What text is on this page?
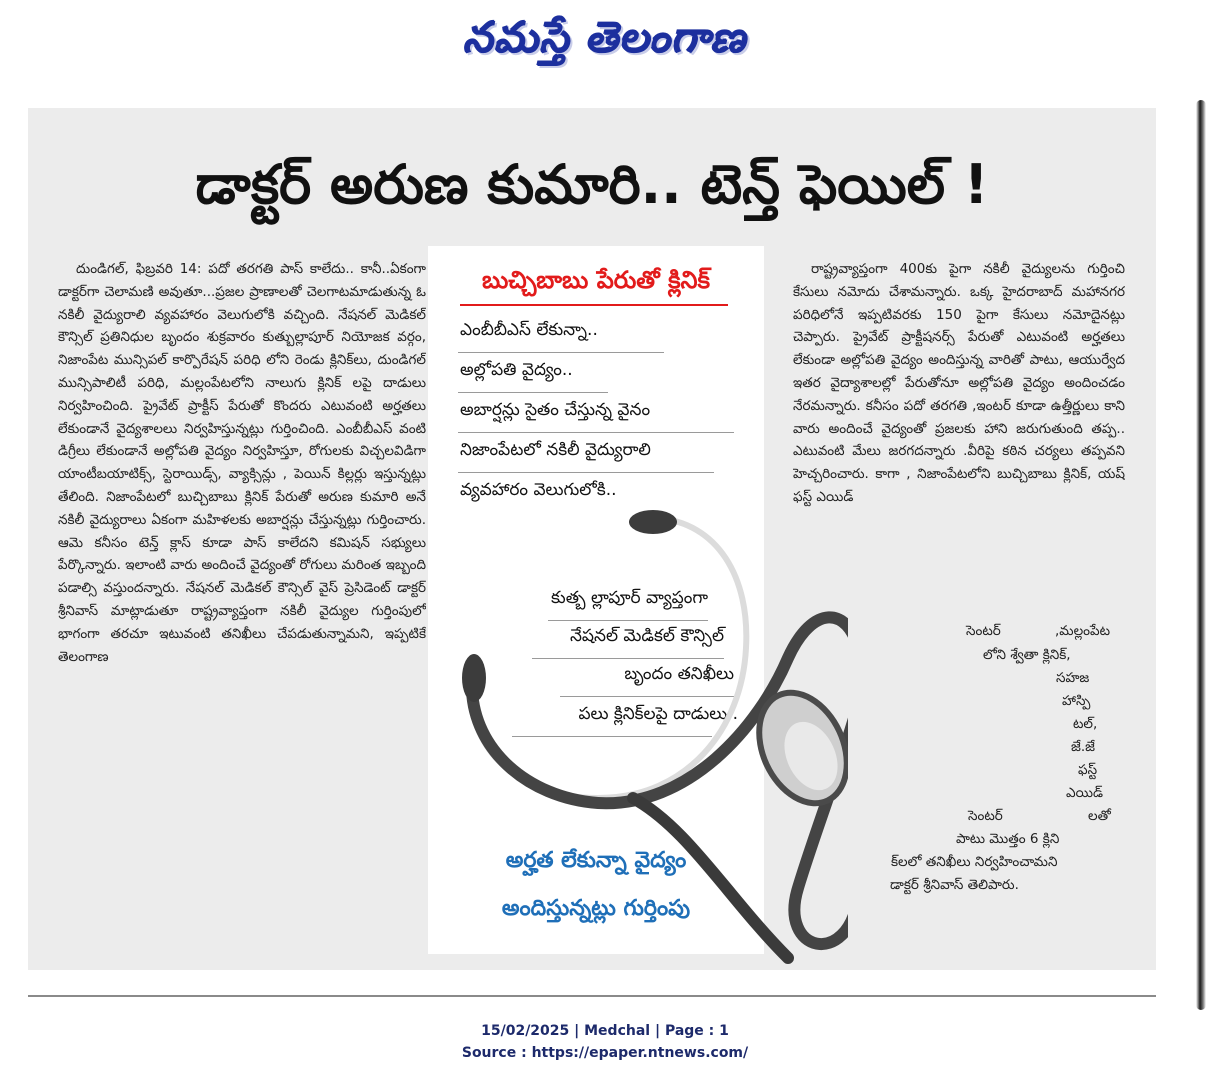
నమస్తే తెలంగాణ
డాక్టర్ అరుణ కుమారి.. టెన్త్ ఫెయిల్ !
దుండిగల్, ఫిబ్రవరి 14: పదో తరగతి పాస్ కాలేదు.. కానీ..ఏకంగా డాక్టర్‌గా చెలామణి అవుతూ...ప్రజల ప్రాణాలతో చెలగాటమాడుతున్న ఓ నకిలీ వైద్యురాలి వ్యవహారం వెలుగులోకి వచ్చింది. నేషనల్ మెడికల్ కౌన్సిల్ ప్రతినిధుల బృందం శుక్రవారం కుత్బుల్లాపూర్ నియోజక వర్గం, నిజాంపేట మున్సిపల్ కార్పొరేషన్ పరిధి లోని రెండు క్లినిక్‌లు, దుండిగల్ మున్సిపాలిటీ పరిధి, మల్లంపేటలోని నాలుగు క్లినిక్ లపై దాడులు నిర్వహించింది. ప్రైవేట్ ప్రాక్టీస్ పేరుతో కొందరు ఎటువంటి అర్హతలు లేకుండానే వైద్యశాలలు నిర్వహిస్తున్నట్లు గుర్తించింది. ఎంబీబీఎస్ వంటి డిగ్రీలు లేకుండానే అల్లోపతి వైద్యం నిర్వహిస్తూ, రోగులకు విచ్చలవిడిగా యాంటీబయాటిక్స్, స్టెరాయిడ్స్, వ్యాక్సిన్లు , పెయిన్ కిల్లర్లు ఇస్తున్నట్లు తేలింది. నిజాంపేటలో బుచ్చిబాబు క్లినిక్ పేరుతో అరుణ కుమారి అనే నకిలీ వైద్యురాలు ఏకంగా మహిళలకు అబార్షన్లు చేస్తున్నట్లు గుర్తించారు. ఆమె కనీసం టెన్త్ క్లాస్ కూడా పాస్ కాలేదని కమిషన్ సభ్యులు పేర్కొన్నారు. ఇలాంటి వారు అందించే వైద్యంతో రోగులు మరింత ఇబ్బంది పడాల్సి వస్తుందన్నారు. నేషనల్ మెడికల్ కౌన్సిల్ వైస్ ప్రెసిడెంట్ డాక్టర్ శ్రీనివాస్ మాట్లాడుతూ రాష్ట్రవ్యాప్తంగా నకిలీ వైద్యుల గుర్తింపులో భాగంగా తరచూ ఇటువంటి తనిఖీలు చేపడుతున్నామని, ఇప్పటికే తెలంగాణ
రాష్ట్రవ్యాప్తంగా 400కు పైగా నకిలీ వైద్యులను గుర్తించి కేసులు నమోదు చేశామన్నారు. ఒక్క హైదరాబాద్ మహానగర పరిధిలోనే ఇప్పటివరకు 150 పైగా కేసులు నమోదైనట్లు చెప్పారు. ప్రైవేట్ ప్రాక్టీషనర్స్ పేరుతో ఎటువంటి అర్హతలు లేకుండా అల్లోపతి వైద్యం అందిస్తున్న వారితో పాటు, ఆయుర్వేద ఇతర వైద్యాశాలల్లో పేరుతోనూ అల్లోపతి వైద్యం అందించడం నేరమన్నారు. కనీసం పదో తరగతి ,ఇంటర్ కూడా ఉత్తీర్ణులు కాని వారు అందించే వైద్యంతో ప్రజలకు హాని జరుగుతుంది తప్ప.. ఎటువంటి మేలు జరగదన్నారు .వీరిపై కఠిన చర్యలు తప్పవని హెచ్చరించారు. కాగా , నిజాంపేటలోని బుచ్చిబాబు క్లినిక్, యష్ ఫస్ట్ ఎయిడ్
సెంటర్	,మల్లంపేట
లోని శ్వేతా క్లినిక్,
సహజ
హాస్పి
టల్,
జే.జే
ఫస్ట్
ఎయిడ్
సెంటర్	లతో
పాటు మొత్తం 6 క్లిని
క్‌లలో తనిఖీలు నిర్వహించామని
డాక్టర్ శ్రీనివాస్ తెలిపారు.
బుచ్చిబాబు పేరుతో క్లినిక్
ఎంబీబీఎస్ లేకున్నా..
అల్లోపతి వైద్యం..
అబార్షన్లు సైతం చేస్తున్న వైనం
నిజాంపేటలో నకిలీ వైద్యురాలి
వ్యవహారం వెలుగులోకి..
కుత్బ ల్లాపూర్ వ్యాప్తంగా
నేషనల్ మెడికల్ కౌన్సిల్
బృందం తనిఖీలు
పలు క్లినిక్‌లపై దాడులు..
అర్హత లేకున్నా వైద్యం
అందిస్తున్నట్లు గుర్తింపు
15/02/2025 | Medchal | Page : 1
Source : https://epaper.ntnews.com/
